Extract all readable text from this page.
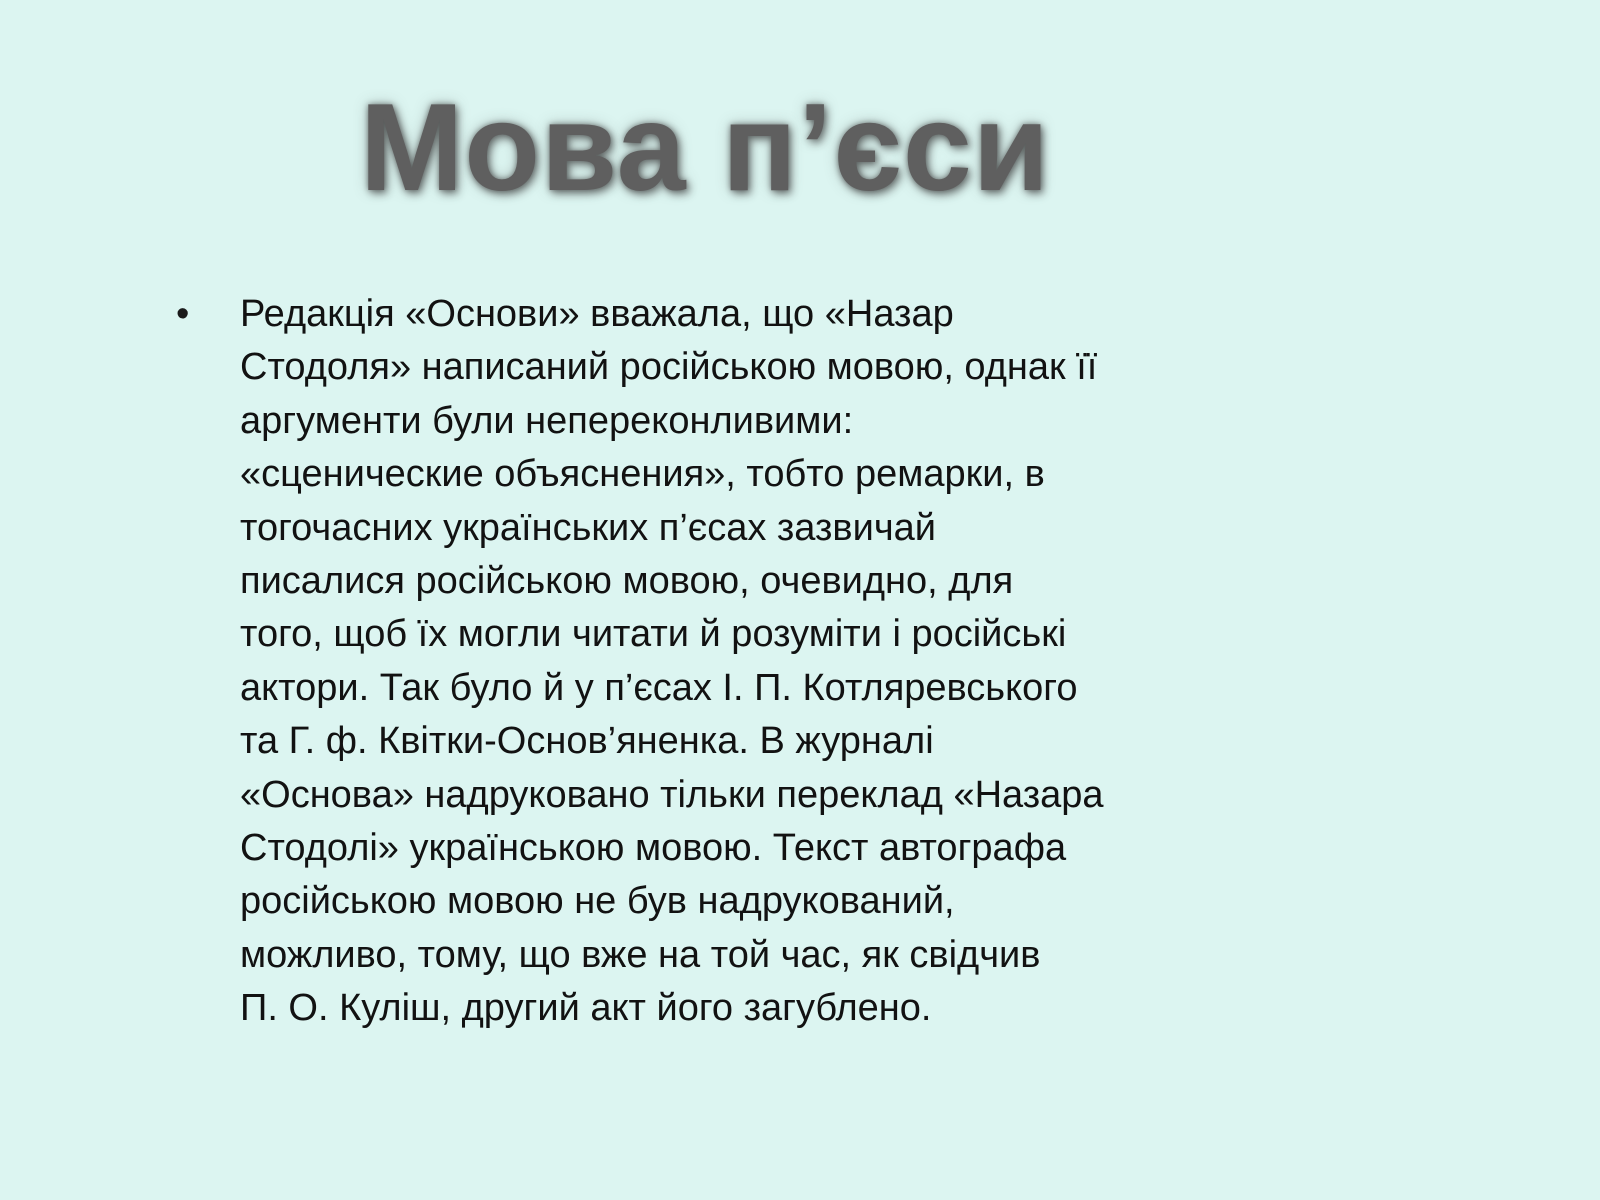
Мова п’єси
• Редакція «Основи» вважала, що «Назар
Стодоля» написаний російською мовою, однак її
аргументи були непереконливими:
«сценические объяснения», тобто ремарки, в
тогочасних українських п’єсах зазвичай
писалися російською мовою, очевидно, для
того, щоб їх могли читати й розуміти і російські
актори. Так було й у п’єсах І. П. Котляревського
та Г. ф. Квітки-Основ’яненка. В журналі
«Основа» надруковано тільки переклад «Назара
Стодолі» українською мовою. Текст автографа
російською мовою не був надрукований,
можливо, тому, що вже на той час, як свідчив
П. О. Куліш, другий акт його загублено.
